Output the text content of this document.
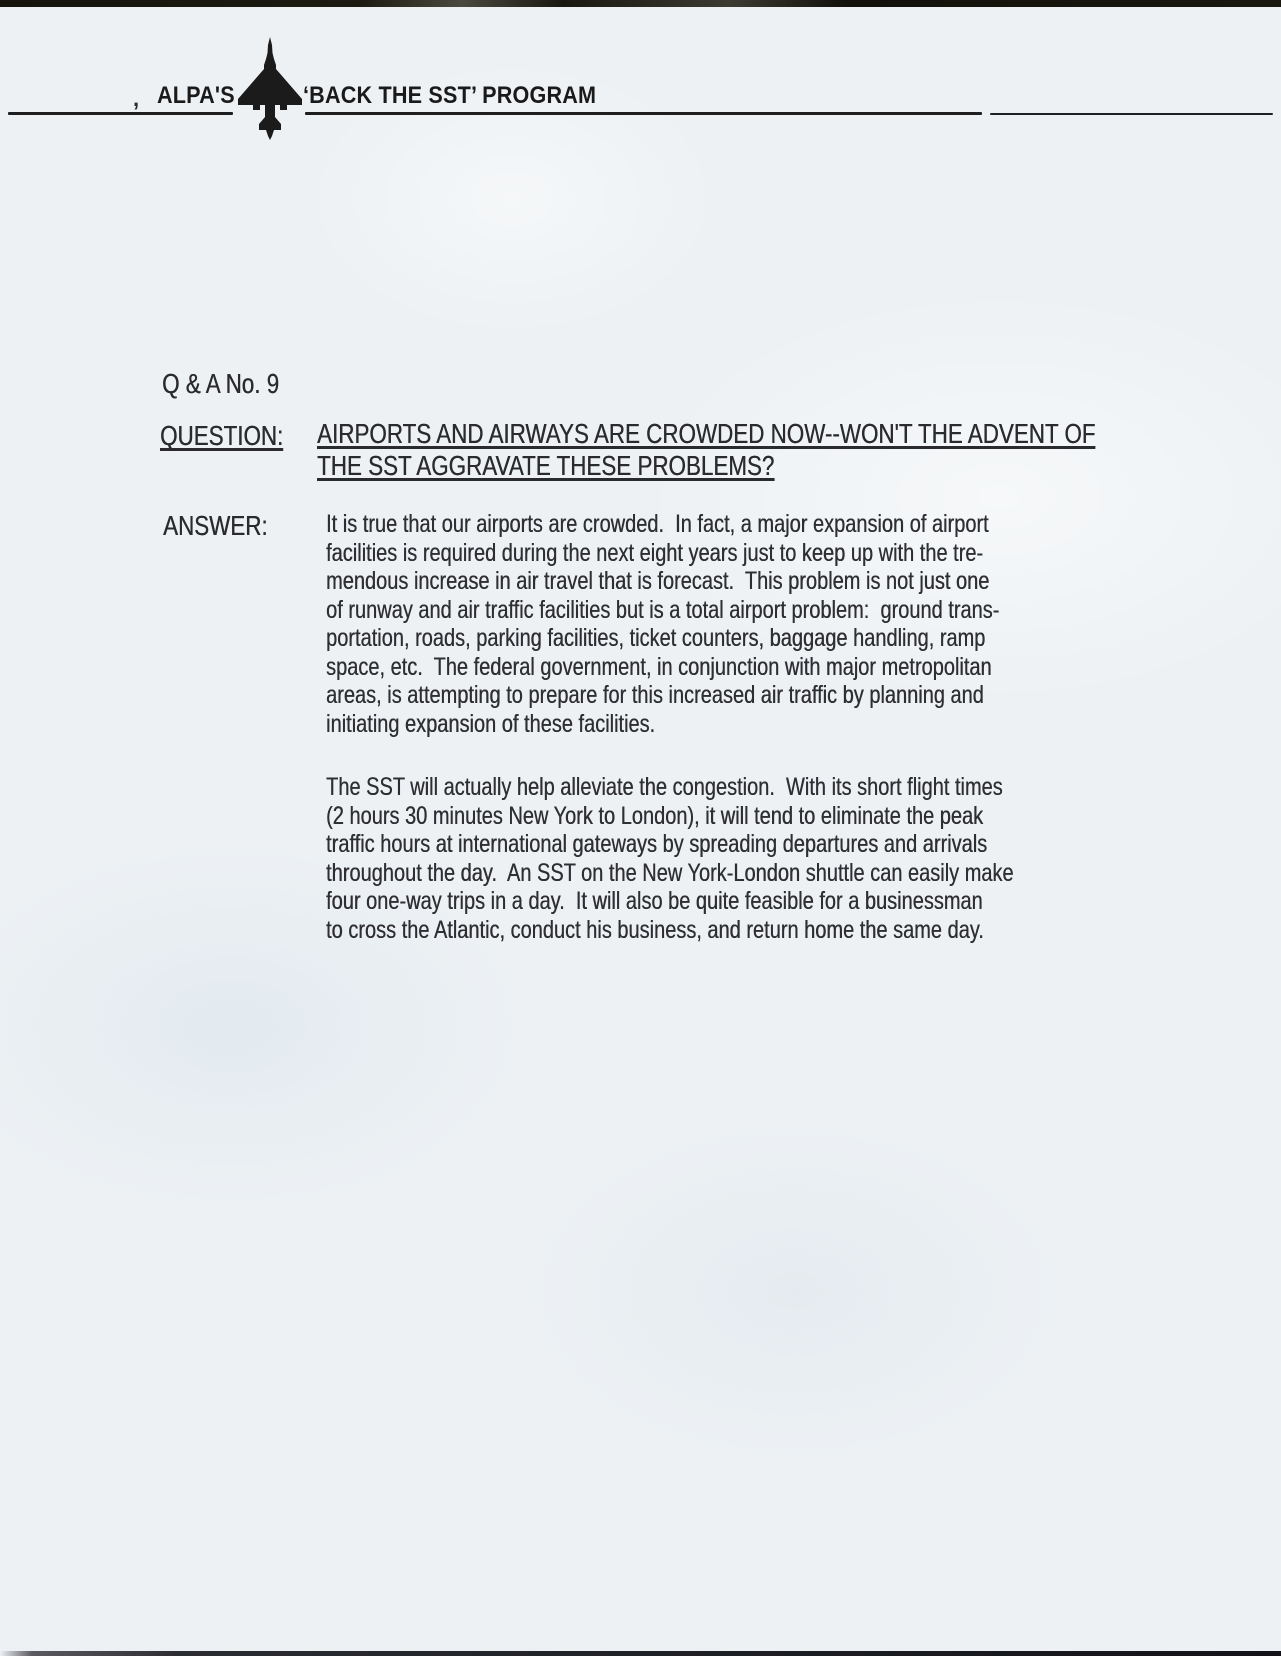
, ALPA'S	‘BACK THE SST’ PROGRAM
Q & A No. 9
QUESTION: AIRPORTS AND AIRWAYS ARE CROWDED NOW--WON'T THE ADVENT OF
THE SST AGGRAVATE THESE PROBLEMS?
ANSWER: It is true that our airports are crowded.  In fact, a major expansion of airport
facilities is required during the next eight years just to keep up with the tre-
mendous increase in air travel that is forecast.  This problem is not just one
of runway and air traffic facilities but is a total airport problem:  ground trans-
portation, roads, parking facilities, ticket counters, baggage handling, ramp
space, etc.  The federal government, in conjunction with major metropolitan
areas, is attempting to prepare for this increased air traffic by planning and
initiating expansion of these facilities.
The SST will actually help alleviate the congestion.  With its short flight times
(2 hours 30 minutes New York to London), it will tend to eliminate the peak
traffic hours at international gateways by spreading departures and arrivals
throughout the day.  An SST on the New York-London shuttle can easily make
four one-way trips in a day.  It will also be quite feasible for a businessman
to cross the Atlantic, conduct his business, and return home the same day.
